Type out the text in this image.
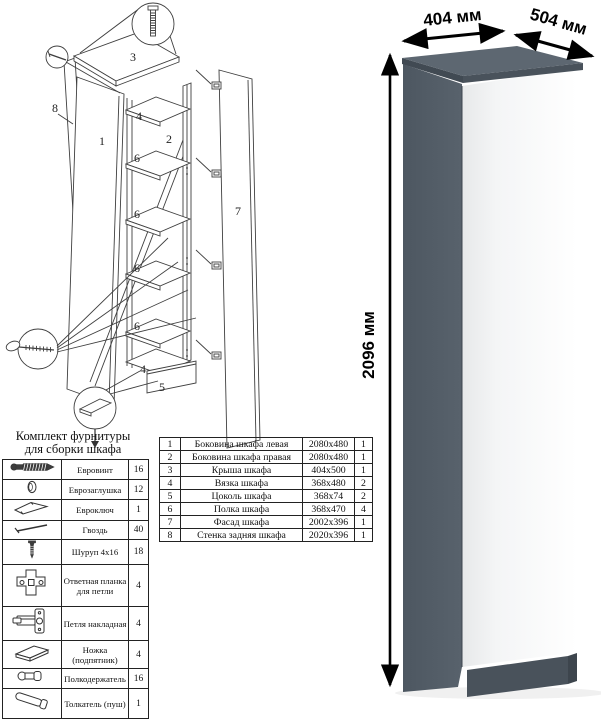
3
4
2
1
8
6
6
6
6
4
5
7
Комплект фурнитуры
для сборки шкафа
	Евровинт	16
	Еврозаглушка	12
	Евроключ	1
	Гвоздь	40
	Шуруп 4x16	18
	Ответная планка для петли	4
	Петля накладная	4
	Ножка (подпятник)	4
	Полкодержатель	16
	Толкатель (пуш)	1
1	Боковина шкафа левая	2080x480	1
2	Боковина шкафа правая	2080x480	1
3	Крыша шкафа	404x500	1
4	Вязка шкафа	368x480	2
5	Цоколь шкафа	368x74	2
6	Полка шкафа	368x470	4
7	Фасад шкафа	2002x396	1
8	Стенка задняя шкафа	2020x396	1
2096 мм
404 мм	504 мм
